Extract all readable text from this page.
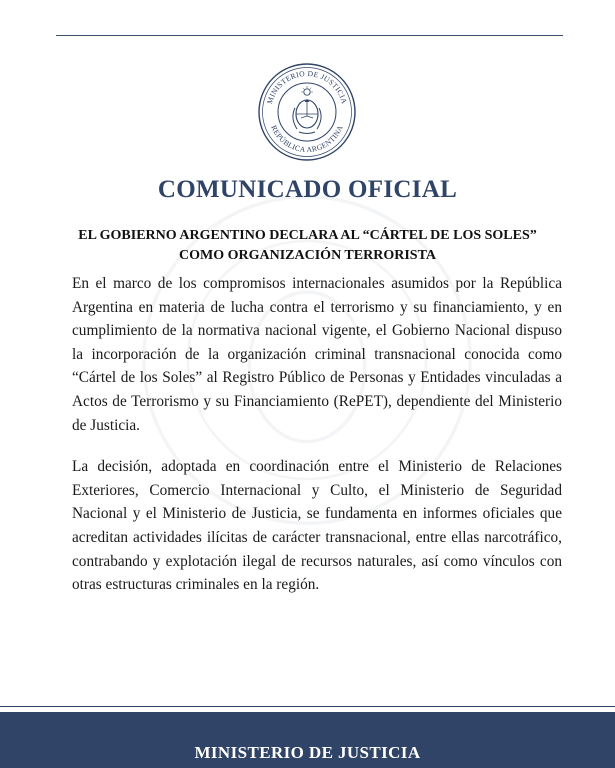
MINISTERIO DE JUSTICIA
REPÚBLICA ARGENTINA
COMUNICADO OFICIAL
EL GOBIERNO ARGENTINO DECLARA AL “CÁRTEL DE LOS SOLES”
COMO ORGANIZACIÓN TERRORISTA

En el marco de los compromisos internacionales asumidos por la República Argentina en materia de lucha contra el terrorismo y su financiamiento, y en cumplimiento de la normativa nacional vigente, el Gobierno Nacional dispuso la incorporación de la organización criminal transnacional conocida como “Cártel de los Soles” al Registro Público de Personas y Entidades vinculadas a Actos de Terrorismo y su Financiamiento (RePET), dependiente del Ministerio de Justicia.

La decisión, adoptada en coordinación entre el Ministerio de Relaciones Exteriores, Comercio Internacional y Culto, el Ministerio de Seguridad Nacional y el Ministerio de Justicia, se fundamenta en informes oficiales que acreditan actividades ilícitas de carácter transnacional, entre ellas narcotráfico, contrabando y explotación ilegal de recursos naturales, así como vínculos con otras estructuras criminales en la región.

MINISTERIO DE JUSTICIA
